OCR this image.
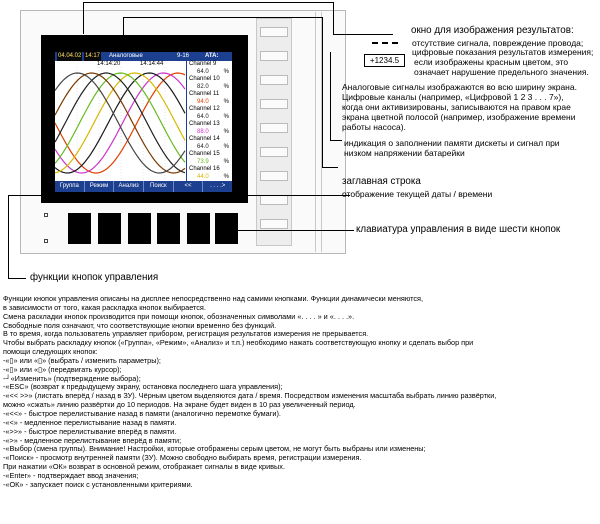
04.04.02 14:17 Аналоговые	9-16	ATA:
14:14:20	14:14:44	Channel 9
64.0	%
Channel 10
82.0	%
Channel 11
94.0	%
Channel 12
64.0	%
Channel 13
88.0	%
Channel 14
64.0	%
Channel 15
73.9	%
Channel 16
44.0	%
Группа	Режим	Анализ	Поиск	<<	. . . .>
окно для изображения результатов:
отсутствие сигнала, повреждение провода;
цифровые показания результатов измерения;
+1234.5	если изображены красным цветом, это
означает нарушение предельного значения.
Аналоговые сигналы изображаются во всю ширину экрана.
Цифровые каналы (например, «Цифровой 1 2 3 . . . 7»),
когда они активизированы, записываются на правом крае
экрана цветной полосой (например, изображение времени
работы насоса).
индикация о заполнении памяти дискеты и сигнал при
низком напряжении батарейки
заглавная строка
отображение текущей даты / времени
клавиатура управления в виде шести кнопок
функции кнопок управления

Функции кнопок управления описаны на дисплее непосредственно над самими кнопками. Функции динамически меняются,

в зависимости от того, какая раскладка кнопок выбирается.

Смена раскладки кнопок производится при помощи кнопок, обозначенных символами «. . . . » и «. . . .».

Свободные поля означают, что соответствующие кнопки временно без функций.

В то время, когда пользователь управляет прибором, регистрация результатов измерения не прерывается.

Чтобы выбрать раскладку кнопок («Группа», «Режим», «Анализ» и т.п.) необходимо нажать соответствующую кнопку и сделать выбор при

помощи следующих кнопок:

-«▯» или «▯» (выбрать / изменить параметры);

-«▯» или «▯» (передвигать курсор);

-┘«Изменить» (подтверждение выбора);

-«ESC» (возврат к предыдущему экрану, остановка последнего шага управления);

-«<< >>» (листать вперёд / назад в ЗУ). Чёрным цветом выделяются дата / время. Посредством изменения масштаба выбрать линию развёртки,

можно «сжать» линию развёртки до 10 периодов. На экране будет виден в 10 раз увеличенный период.

-«<<» - быстрое перелистывание назад в памяти (аналогично перемотке бумаги).

-«<» - медленное перелистывание назад в памяти.

-«>>» - быстрое перелистывание вперёд в памяти.

-«>» - медленное перелистывание вперёд в памяти;

-«Выбор (смена группы). Внимание! Настройки, которые отображены серым цветом, не могут быть выбраны или изменены;

-«Поиск» - просмотр внутренней памяти (ЗУ). Можно свободно выбирать время, регистрации измерения.

При нажатии «ОК» возврат в основной режим, отображает сигналы в виде кривых.

-«Enter» - подтверждает ввод значения;

-«ОК» - запускает поиск с установленными критериями.
